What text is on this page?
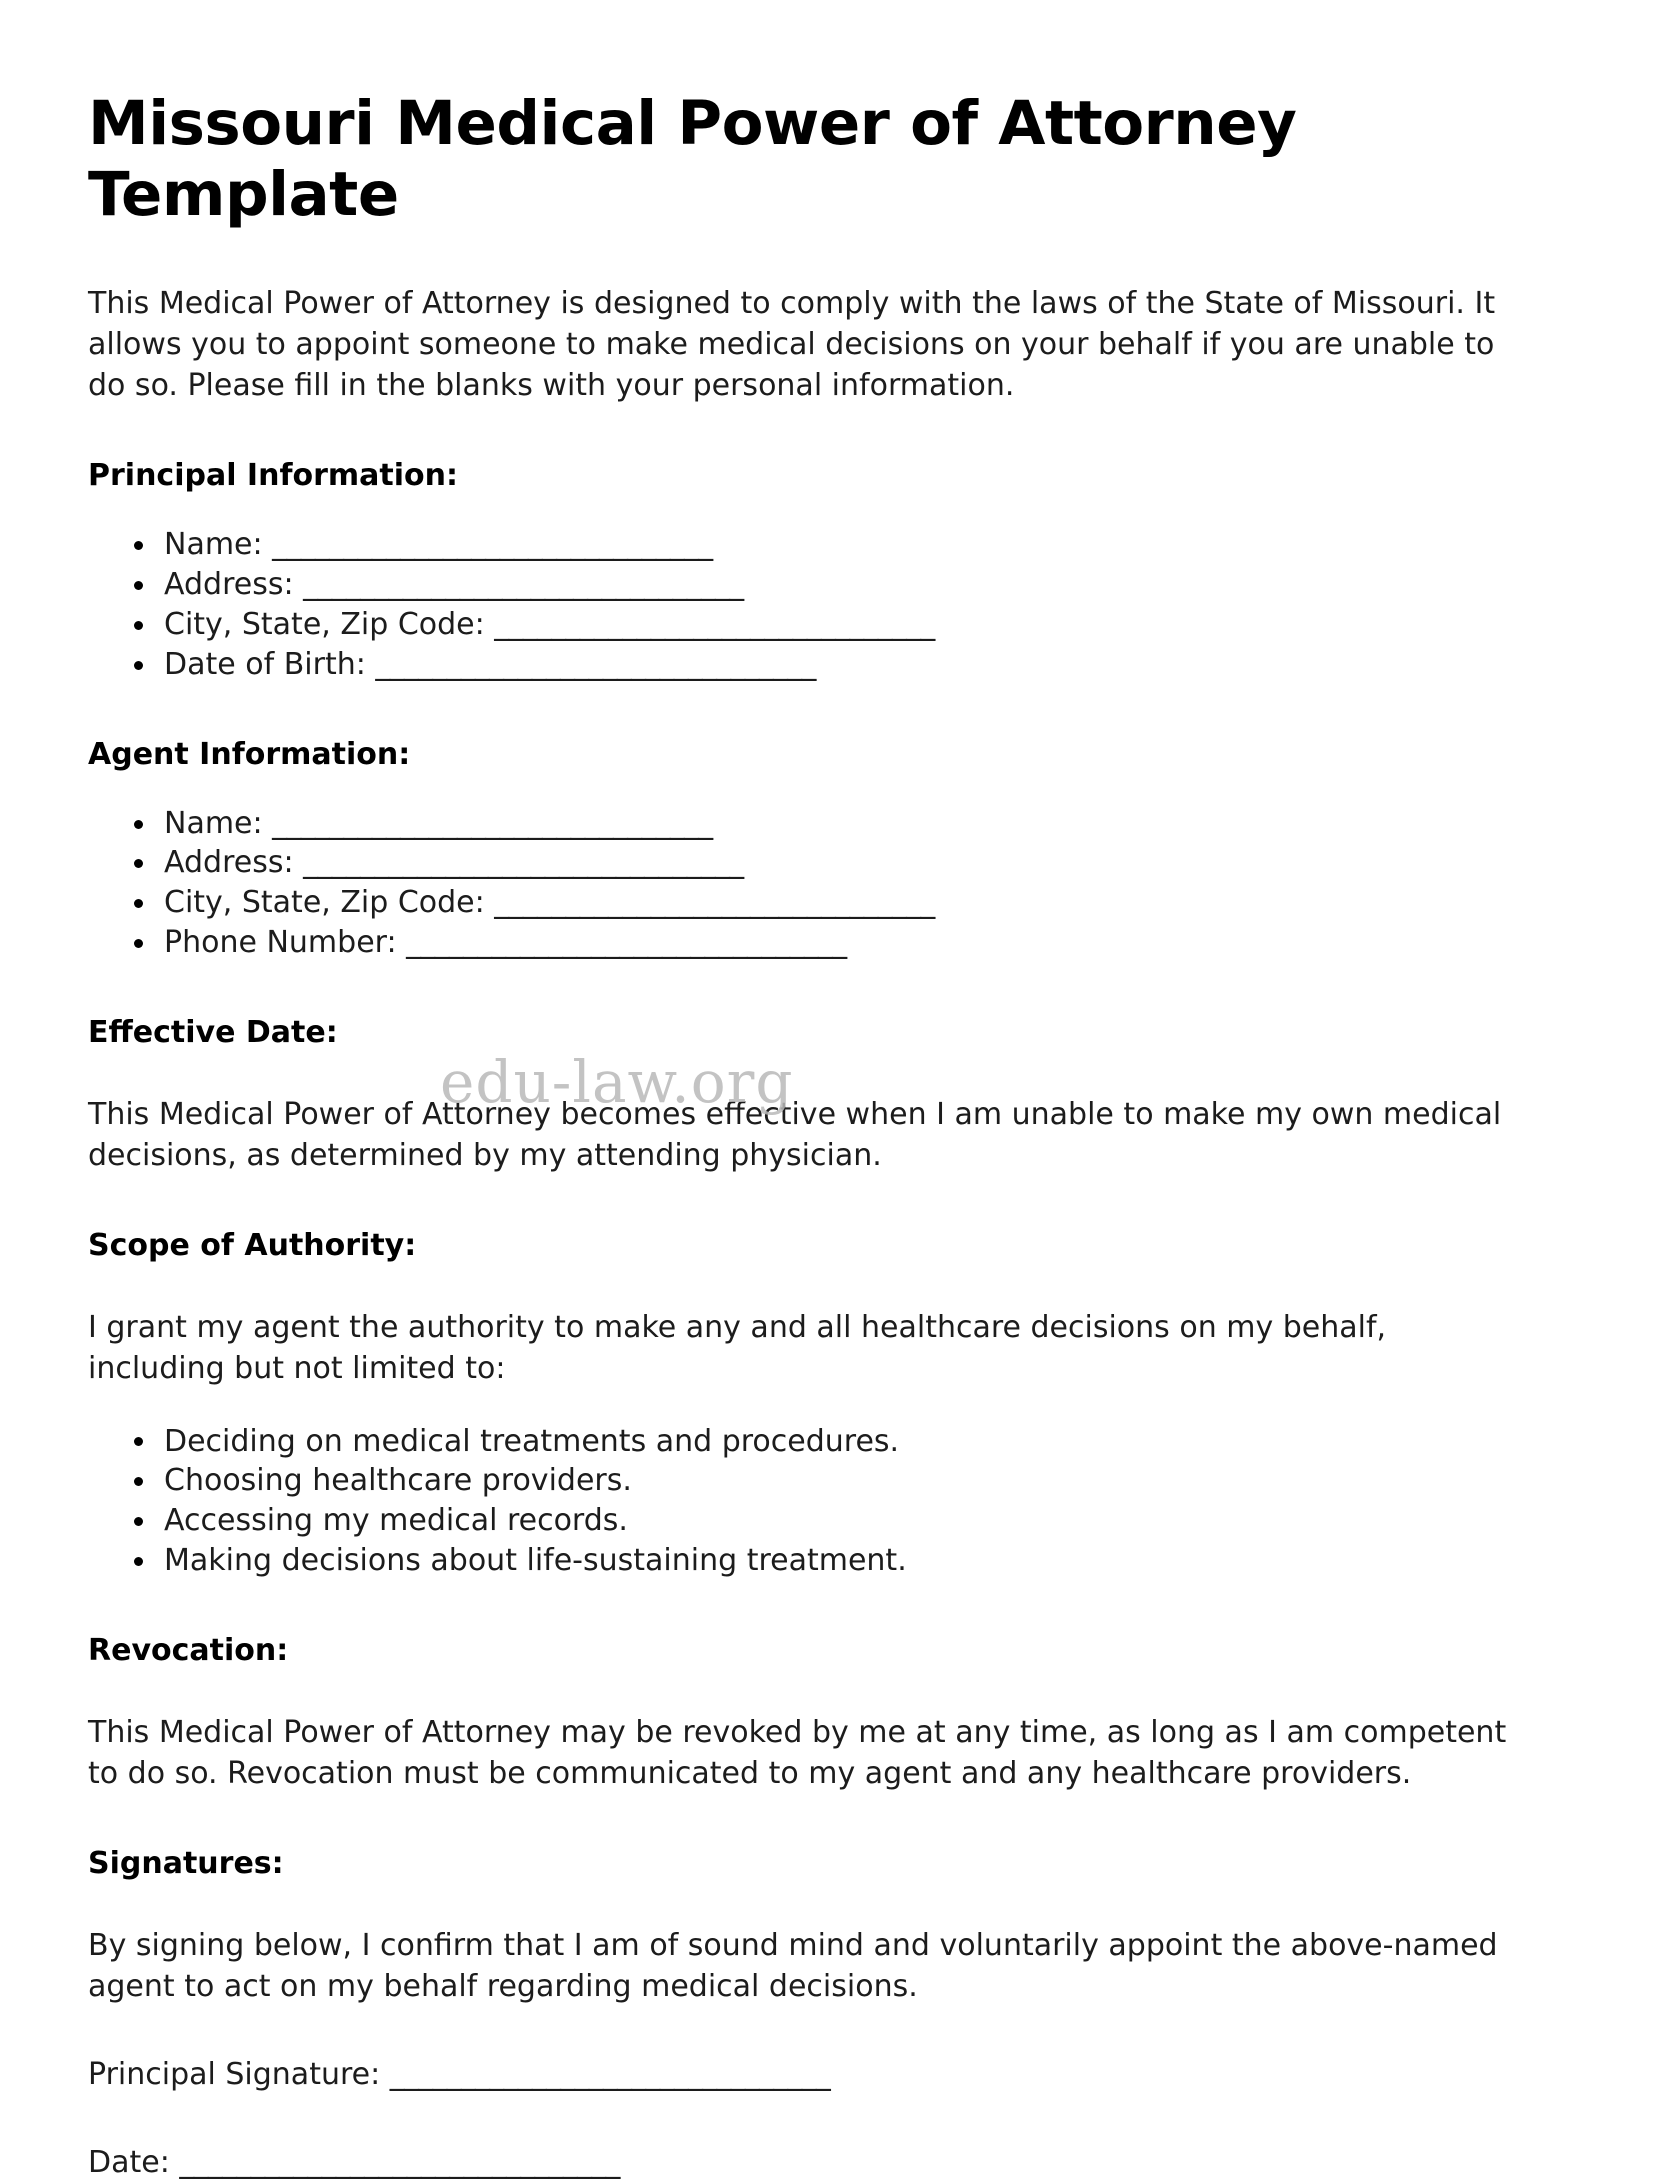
Missouri Medical Power of Attorney Template

This Medical Power of Attorney is designed to comply with the laws of the State of Missouri. It allows you to appoint someone to make medical decisions on your behalf if you are unable to do so. Please fill in the blanks with your personal information.

Principal Information:
Name: _______________________________
Address: _______________________________
City, State, Zip Code: _______________________________
Date of Birth: _______________________________
Agent Information:
Name: _______________________________
Address: _______________________________
City, State, Zip Code: _______________________________
Phone Number: _______________________________
Effective Date:

This Medical Power of Attorney becomes effective when I am unable to make my own medical decisions, as determined by my attending physician.

Scope of Authority:

I grant my agent the authority to make any and all healthcare decisions on my behalf, including but not limited to:

Deciding on medical treatments and procedures.
Choosing healthcare providers.
Accessing my medical records.
Making decisions about life-sustaining treatment.
Revocation:

This Medical Power of Attorney may be revoked by me at any time, as long as I am competent to do so. Revocation must be communicated to my agent and any healthcare providers.

Signatures:

By signing below, I confirm that I am of sound mind and voluntarily appoint the above-named agent to act on my behalf regarding medical decisions.

Principal Signature: _______________________________

Date: _______________________________

edu-law.org
